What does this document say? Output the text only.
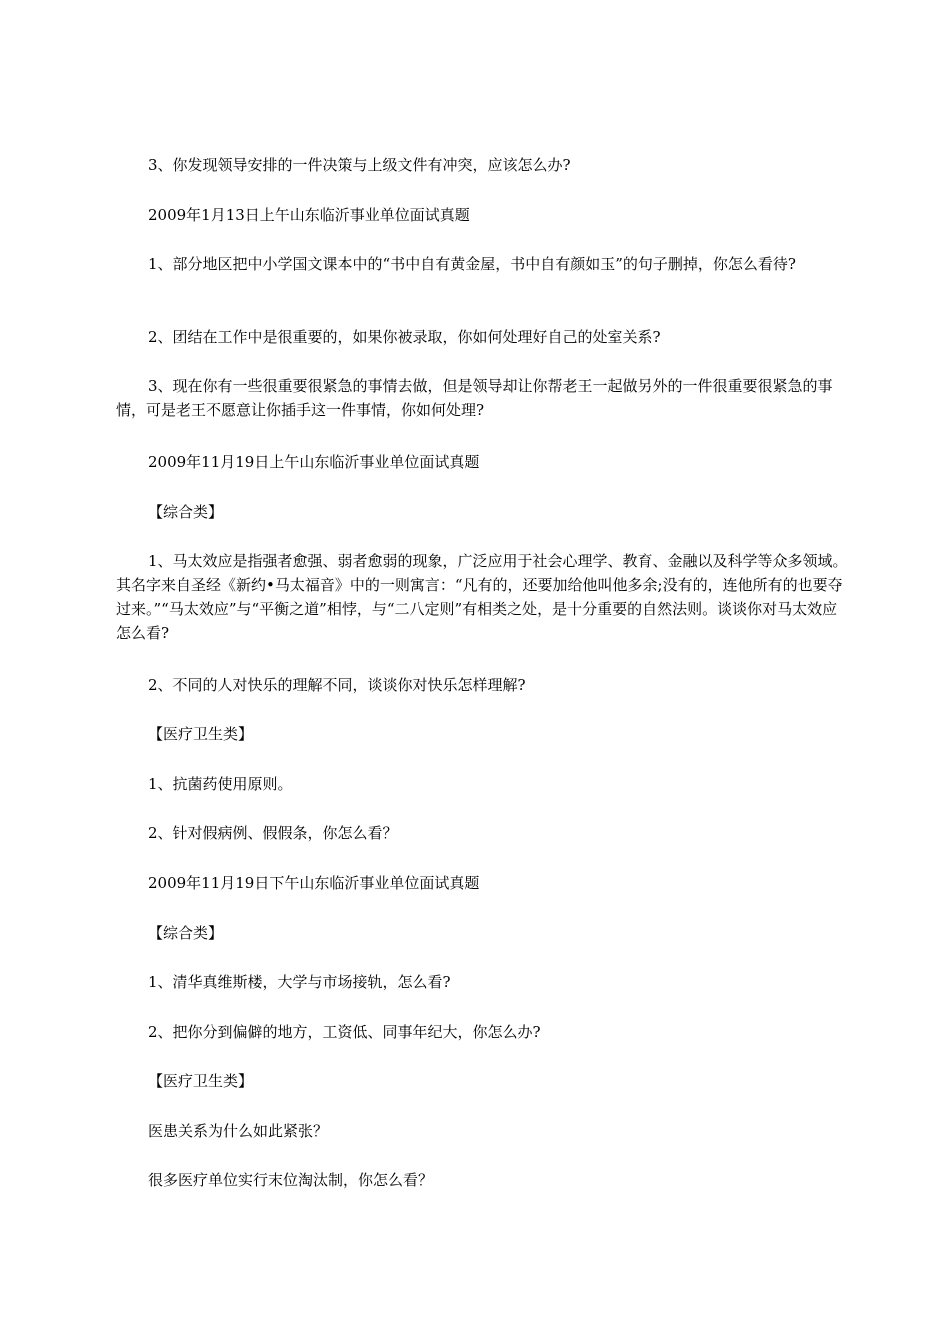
3、你发现领导安排的一件决策与上级文件有冲突，应该怎么办?

2009年1月13日上午山东临沂事业单位面试真题

1、部分地区把中小学国文课本中的“书中自有黄金屋，书中自有颜如玉”的句子删掉，你怎么看待?

2、团结在工作中是很重要的，如果你被录取，你如何处理好自己的处室关系?

3、现在你有一些很重要很紧急的事情去做，但是领导却让你帮老王一起做另外的一件很重要很紧急的事情，可是老王不愿意让你插手这一件事情，你如何处理?

2009年11月19日上午山东临沂事业单位面试真题

【综合类】

1、马太效应是指强者愈强、弱者愈弱的现象，广泛应用于社会心理学、教育、金融以及科学等众多领域。其名字来自圣经《新约•马太福音》中的一则寓言：“凡有的，还要加给他叫他多余;没有的，连他所有的也要夺过来。”“马太效应”与“平衡之道”相悖，与“二八定则”有相类之处，是十分重要的自然法则。谈谈你对马太效应怎么看?

2、不同的人对快乐的理解不同，谈谈你对快乐怎样理解?

【医疗卫生类】

1、抗菌药使用原则。

2、针对假病例、假假条，你怎么看？

2009年11月19日下午山东临沂事业单位面试真题

【综合类】

1、清华真维斯楼，大学与市场接轨，怎么看?

2、把你分到偏僻的地方，工资低、同事年纪大，你怎么办?

【医疗卫生类】

医患关系为什么如此紧张？

很多医疗单位实行末位淘汰制，你怎么看？
